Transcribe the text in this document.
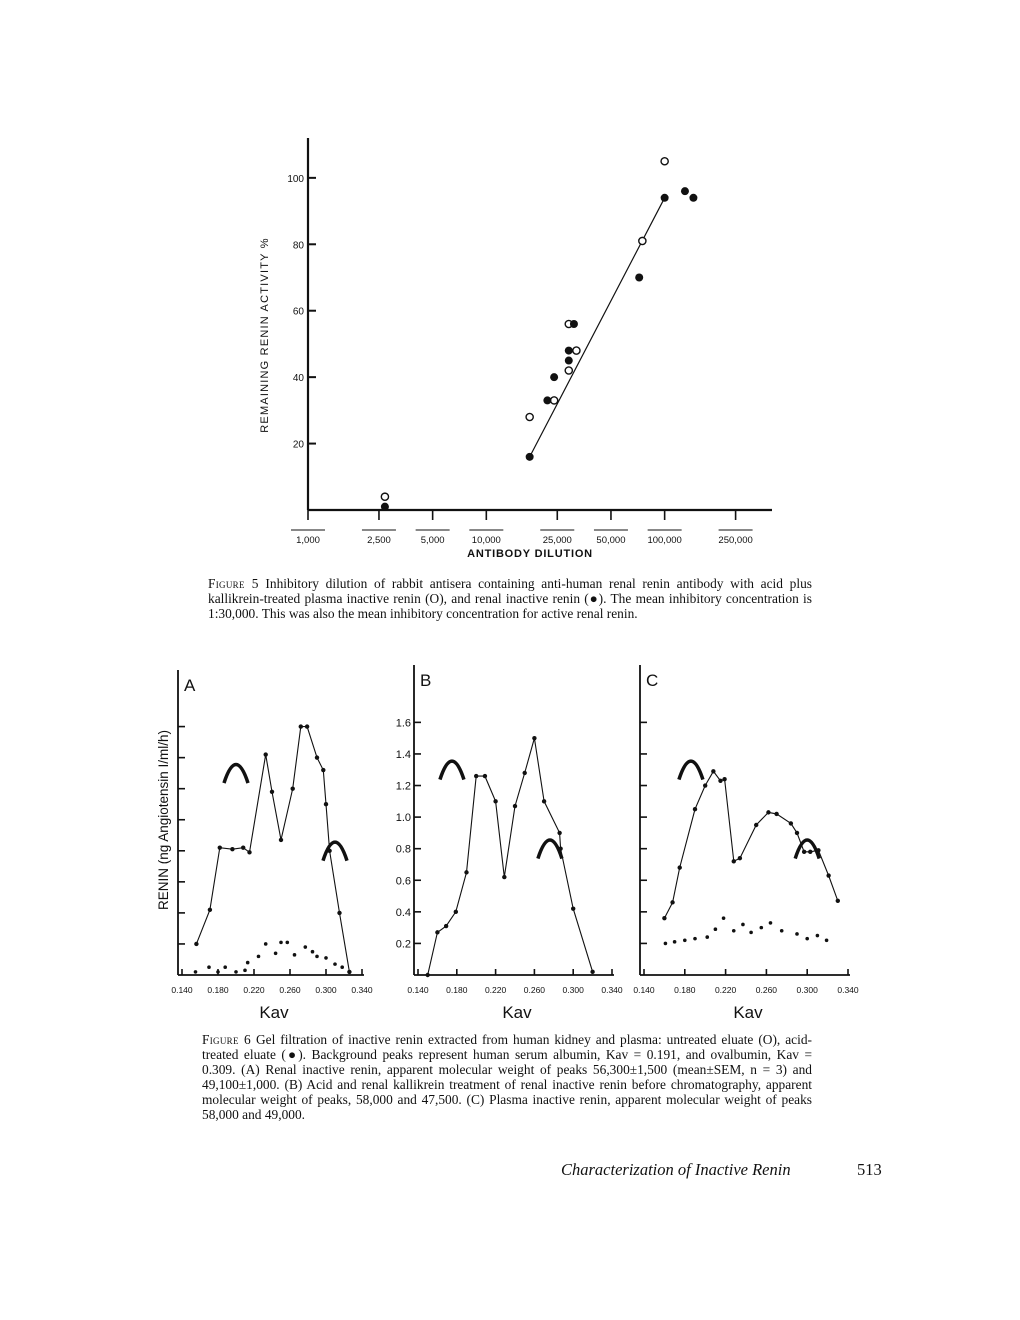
20
40
60
80
100
1,000	2,500	5,000	10,000	25,000	50,000 100,000	250,000
REMAINING RENIN ACTIVITY %
ANTIBODY DILUTION
Figure 5 Inhibitory dilution of rabbit antisera containing anti-human renal renin antibody with acid plus kallikrein-treated plasma inactive renin (O), and renal inactive renin (●). The mean inhibitory concentration is 1:30,000. This was also the mean inhibitory concentration for active renal renin.
RENIN (ng Angiotensin I/ml/h)
A
0.140 0.180 0.220 0.260 0.300 0.340
Kav
B
0.2
0.4
0.6
0.8
1.0
1.2
1.4
1.6
0.140 0.180 0.220 0.260 0.300 0.340
Kav
C
0.140 0.180 0.220 0.260 0.300 0.340
Kav
Figure 6 Gel filtration of inactive renin extracted from human kidney and plasma: untreated eluate (O), acid-treated eluate (●). Background peaks represent human serum albumin, Kav = 0.191, and ovalbumin, Kav = 0.309. (A) Renal inactive renin, apparent molecular weight of peaks 56,300±1,500 (mean±SEM, n = 3) and 49,100±1,000. (B) Acid and renal kallikrein treatment of renal inactive renin before chromatography, apparent molecular weight of peaks, 58,000 and 47,500. (C) Plasma inactive renin, apparent molecular weight of peaks 58,000 and 49,000.
Characterization of Inactive Renin	513
